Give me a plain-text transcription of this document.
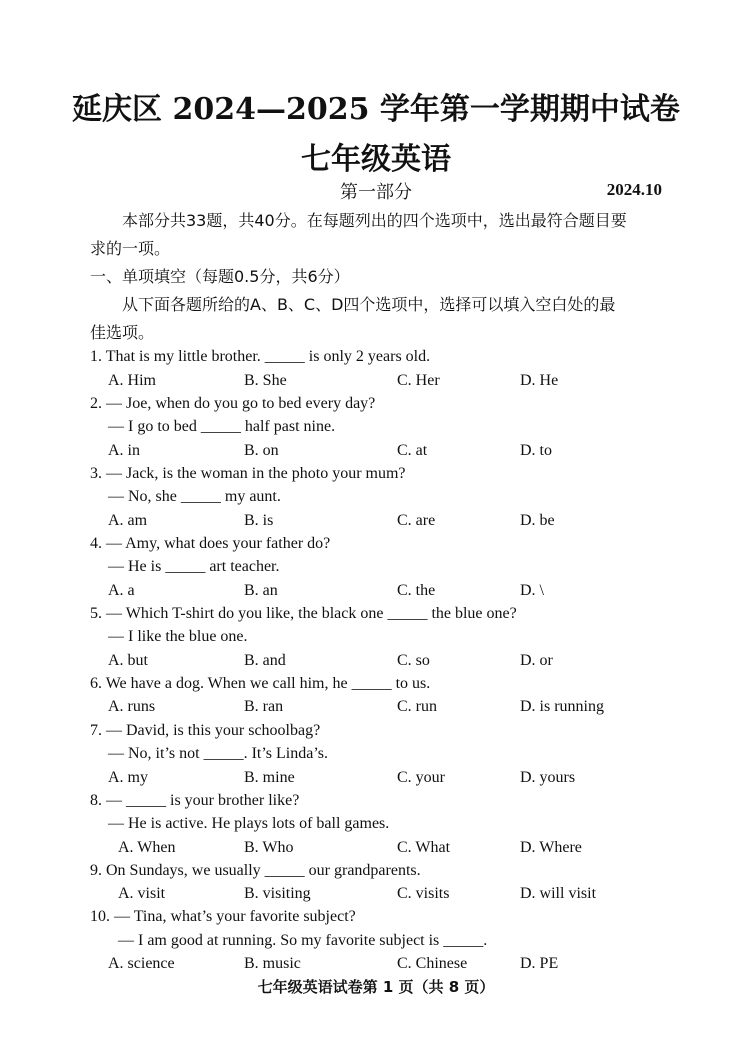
延庆区 2024—2025 学年第一学期期中试卷
七年级英语
第一部分	2024.10
本部分共33题，共40分。在每题列出的四个选项中，选出最符合题目要
求的一项。
一、单项填空（每题0.5分，共6分）
从下面各题所给的A、B、C、D四个选项中，选择可以填入空白处的最
佳选项。
1. That is my little brother. _____ is only 2 years old.
A. Him	B. She	C. Her	D. He
2. — Joe, when do you go to bed every day?
— I go to bed _____ half past nine.
A. in	B. on	C. at	D. to
3. — Jack, is the woman in the photo your mum?
— No, she _____ my aunt.
A. am	B. is	C. are	D. be
4. — Amy, what does your father do?
— He is _____ art teacher.
A. a	B. an	C. the	D. \
5. — Which T-shirt do you like, the black one _____ the blue one?
— I like the blue one.
A. but	B. and	C. so	D. or
6. We have a dog. When we call him, he _____ to us.
A. runs	B. ran	C. run	D. is running
7. — David, is this your schoolbag?
— No, it’s not _____. It’s Linda’s.
A. my	B. mine	C. your	D. yours
8. — _____ is your brother like?
— He is active. He plays lots of ball games.
A. When	B. Who	C. What	D. Where
9. On Sundays, we usually _____ our grandparents.
A. visit	B. visiting	C. visits	D. will visit
10. — Tina, what’s your favorite subject?
— I am good at running. So my favorite subject is _____.
A. science	B. music	C. Chinese	D. PE
七年级英语试卷第 1 页（共 8 页）
